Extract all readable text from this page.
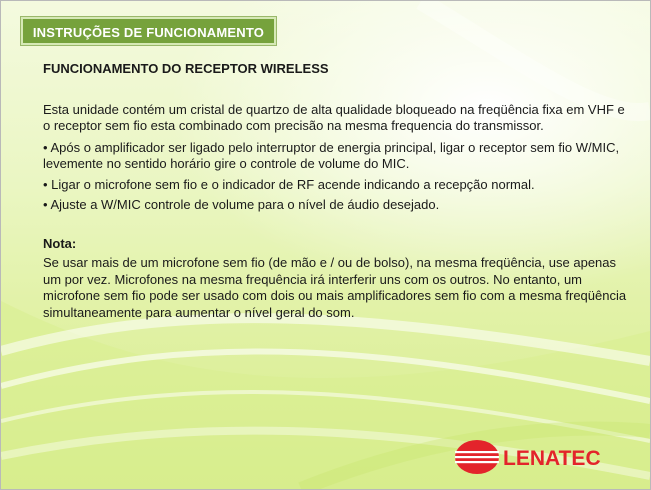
INSTRUÇÕES DE FUNCIONAMENTO

FUNCIONAMENTO DO RECEPTOR WIRELESS

Esta unidade contém um cristal de quartzo de alta qualidade bloqueado na freqüência fixa em VHF e o receptor sem fio esta combinado com precisão na mesma frequencia do transmissor.

• Após o amplificador ser ligado pelo interruptor de energia principal, ligar o receptor sem fio W/MIC, levemente no sentido horário gire o controle de volume do MIC.

• Ligar o microfone sem fio e o indicador de RF acende indicando a recepção normal.

• Ajuste a W/MIC controle de volume para o nível de áudio desejado.

Nota:

Se usar mais de um microfone sem fio (de mão e / ou de bolso), na mesma freqüência, use apenas um por vez. Microfones na mesma frequência irá interferir uns com os outros. No entanto, um microfone sem fio pode ser usado com dois ou mais amplificadores sem fio com a mesma freqüência simultaneamente para aumentar o nível geral do som.

LENATEC
